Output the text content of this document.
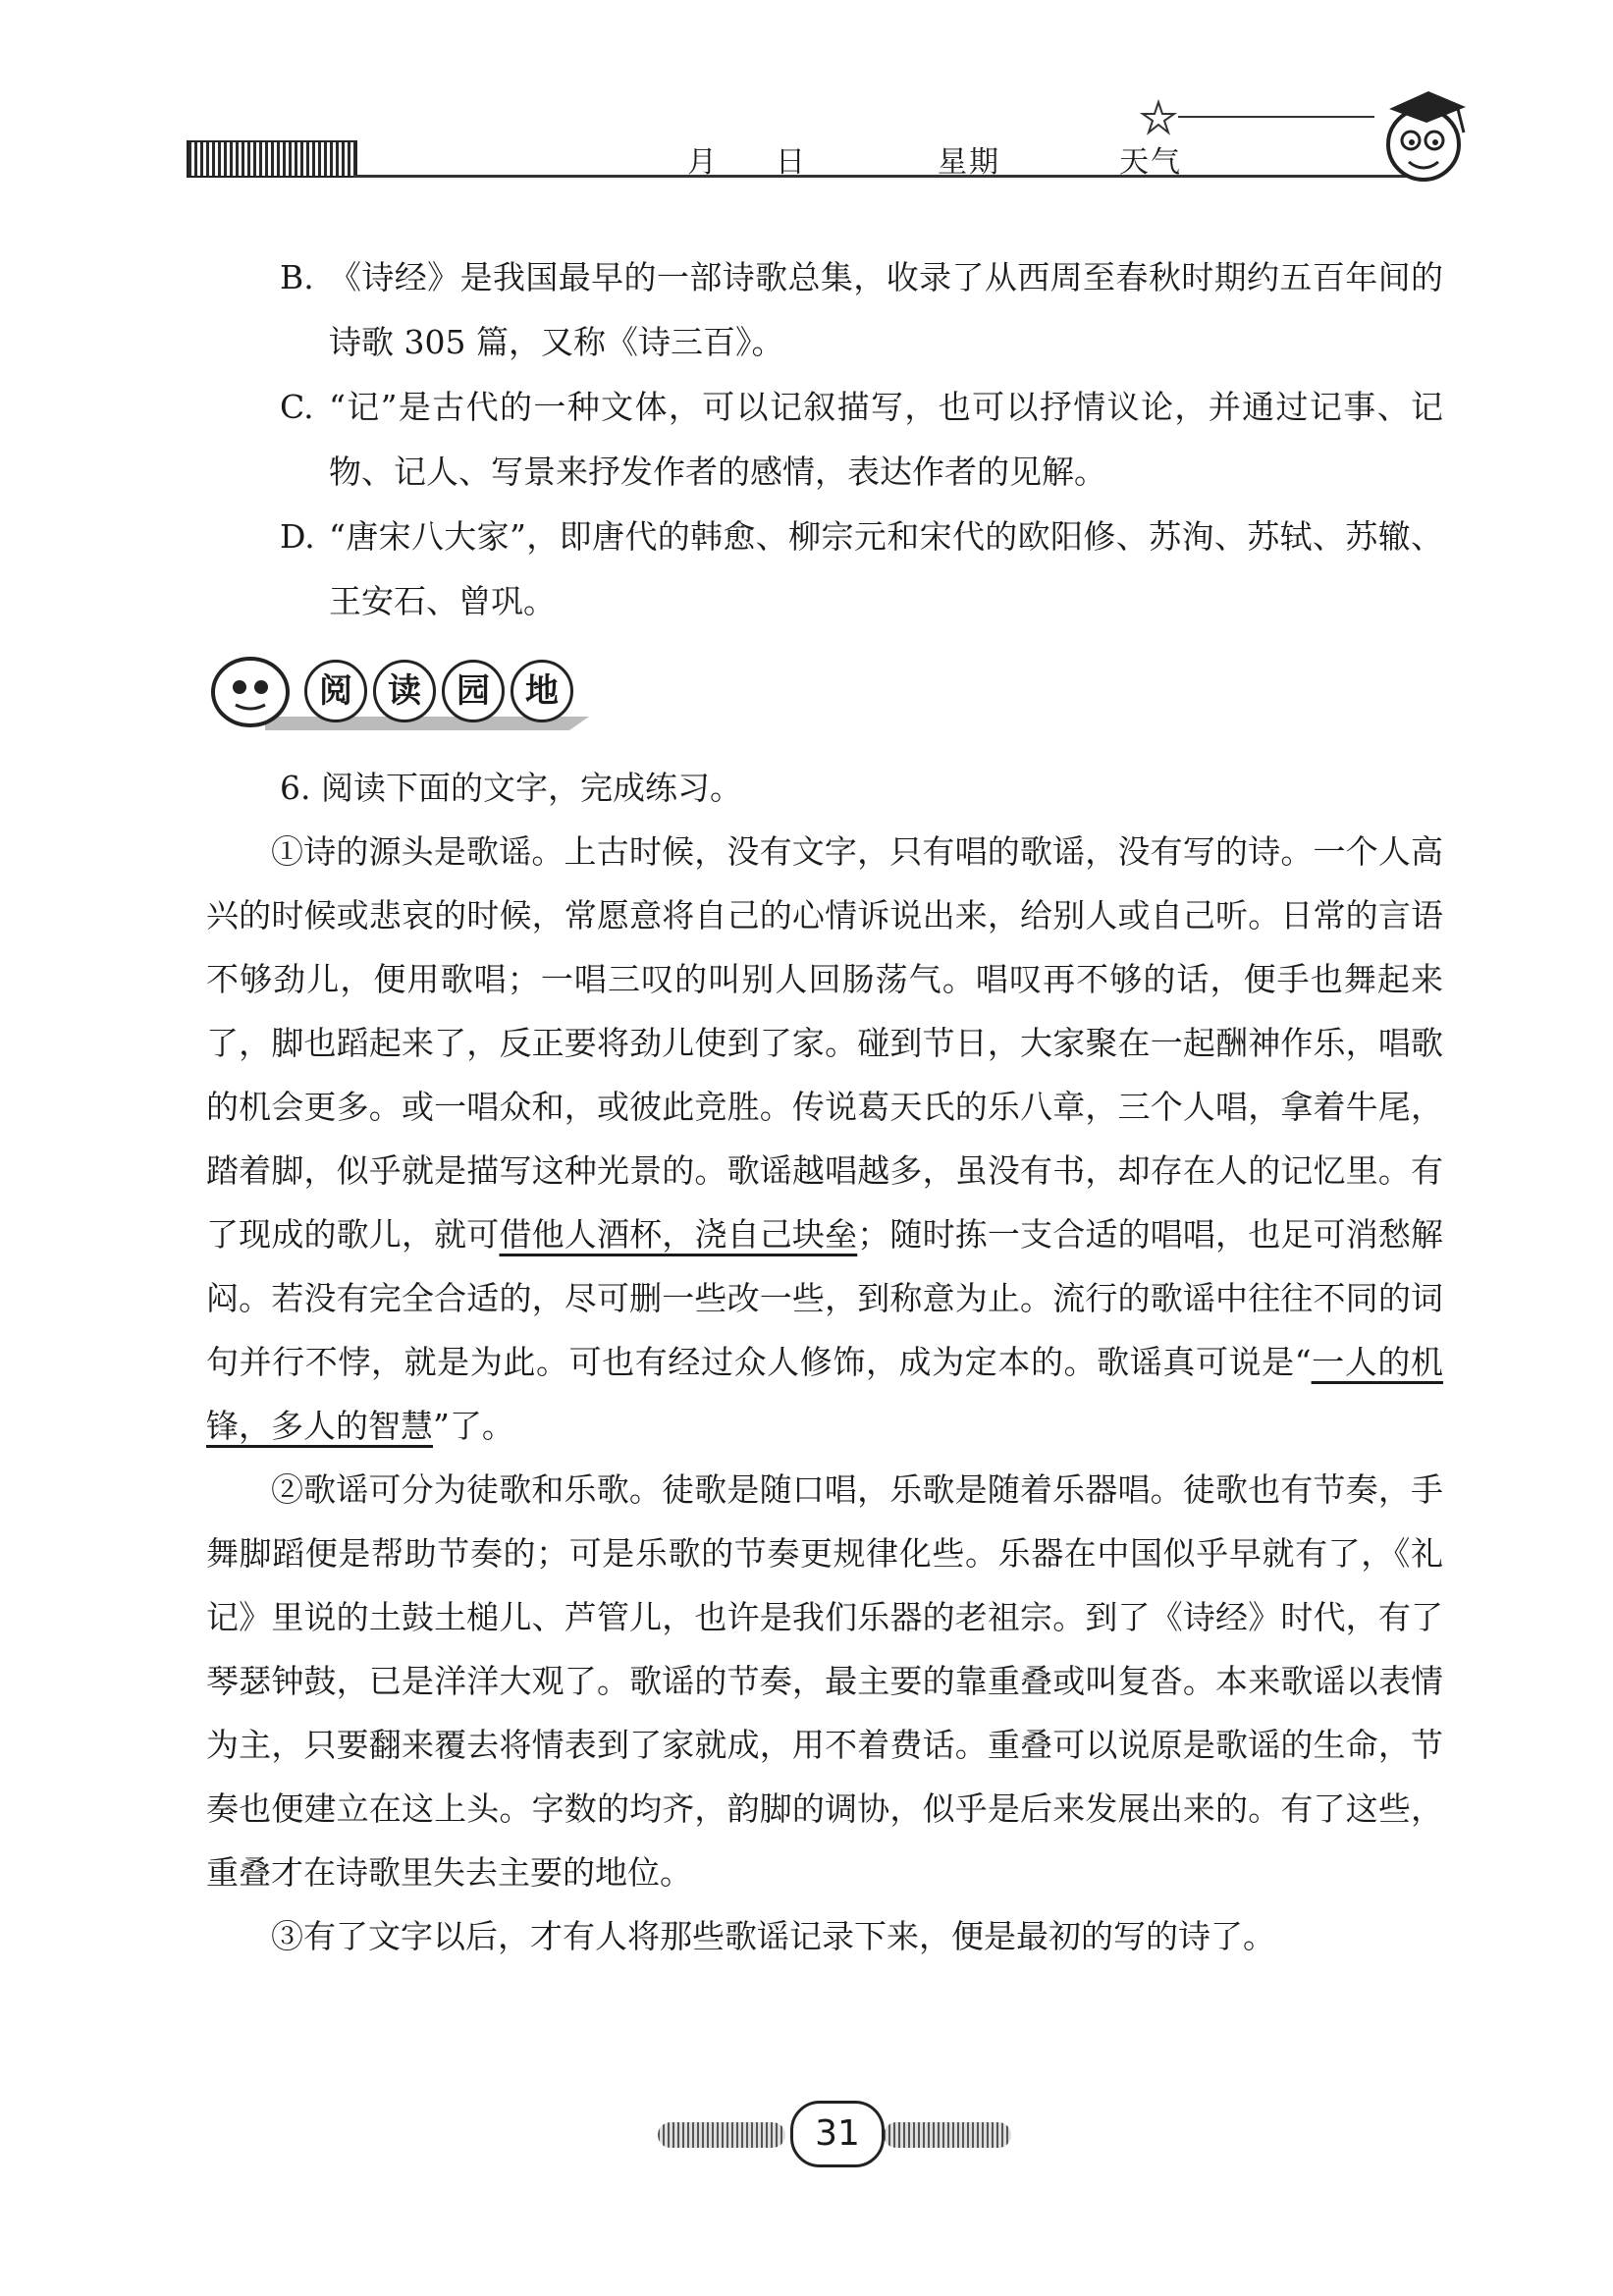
月 日	星期	天气
B. 《诗经》是我国最早的一部诗歌总集，收录了从西周至春秋时期约五百年间的诗歌 305 篇，又称《诗三百》。
C. “记”是古代的一种文体，可以记叙描写，也可以抒情议论，并通过记事、记物、记人、写景来抒发作者的感情，表达作者的见解。
D. “唐宋八大家”，即唐代的韩愈、柳宗元和宋代的欧阳修、苏洵、苏轼、苏辙、王安石、曾巩。
阅	读	园	地

6. 阅读下面的文字，完成练习。

①诗的源头是歌谣。上古时候，没有文字，只有唱的歌谣，没有写的诗。一个人高兴的时候或悲哀的时候，常愿意将自己的心情诉说出来，给别人或自己听。日常的言语不够劲儿，便用歌唱；一唱三叹的叫别人回肠荡气。唱叹再不够的话，便手也舞起来了，脚也蹈起来了，反正要将劲儿使到了家。碰到节日，大家聚在一起酬神作乐，唱歌的机会更多。或一唱众和，或彼此竞胜。传说葛天氏的乐八章，三个人唱，拿着牛尾，踏着脚，似乎就是描写这种光景的。歌谣越唱越多，虽没有书，却存在人的记忆里。有了现成的歌儿，就可借他人酒杯，浇自己块垒；随时拣一支合适的唱唱，也足可消愁解闷。若没有完全合适的，尽可删一些改一些，到称意为止。流行的歌谣中往往不同的词句并行不悖，就是为此。可也有经过众人修饰，成为定本的。歌谣真可说是“一人的机锋，多人的智慧”了。

②歌谣可分为徒歌和乐歌。徒歌是随口唱，乐歌是随着乐器唱。徒歌也有节奏，手舞脚蹈便是帮助节奏的；可是乐歌的节奏更规律化些。乐器在中国似乎早就有了，《礼记》里说的土鼓土槌儿、芦管儿，也许是我们乐器的老祖宗。到了《诗经》时代，有了琴瑟钟鼓，已是洋洋大观了。歌谣的节奏，最主要的靠重叠或叫复沓。本来歌谣以表情为主，只要翻来覆去将情表到了家就成，用不着费话。重叠可以说原是歌谣的生命，节奏也便建立在这上头。字数的均齐，韵脚的调协，似乎是后来发展出来的。有了这些，重叠才在诗歌里失去主要的地位。

③有了文字以后，才有人将那些歌谣记录下来，便是最初的写的诗了。

31
